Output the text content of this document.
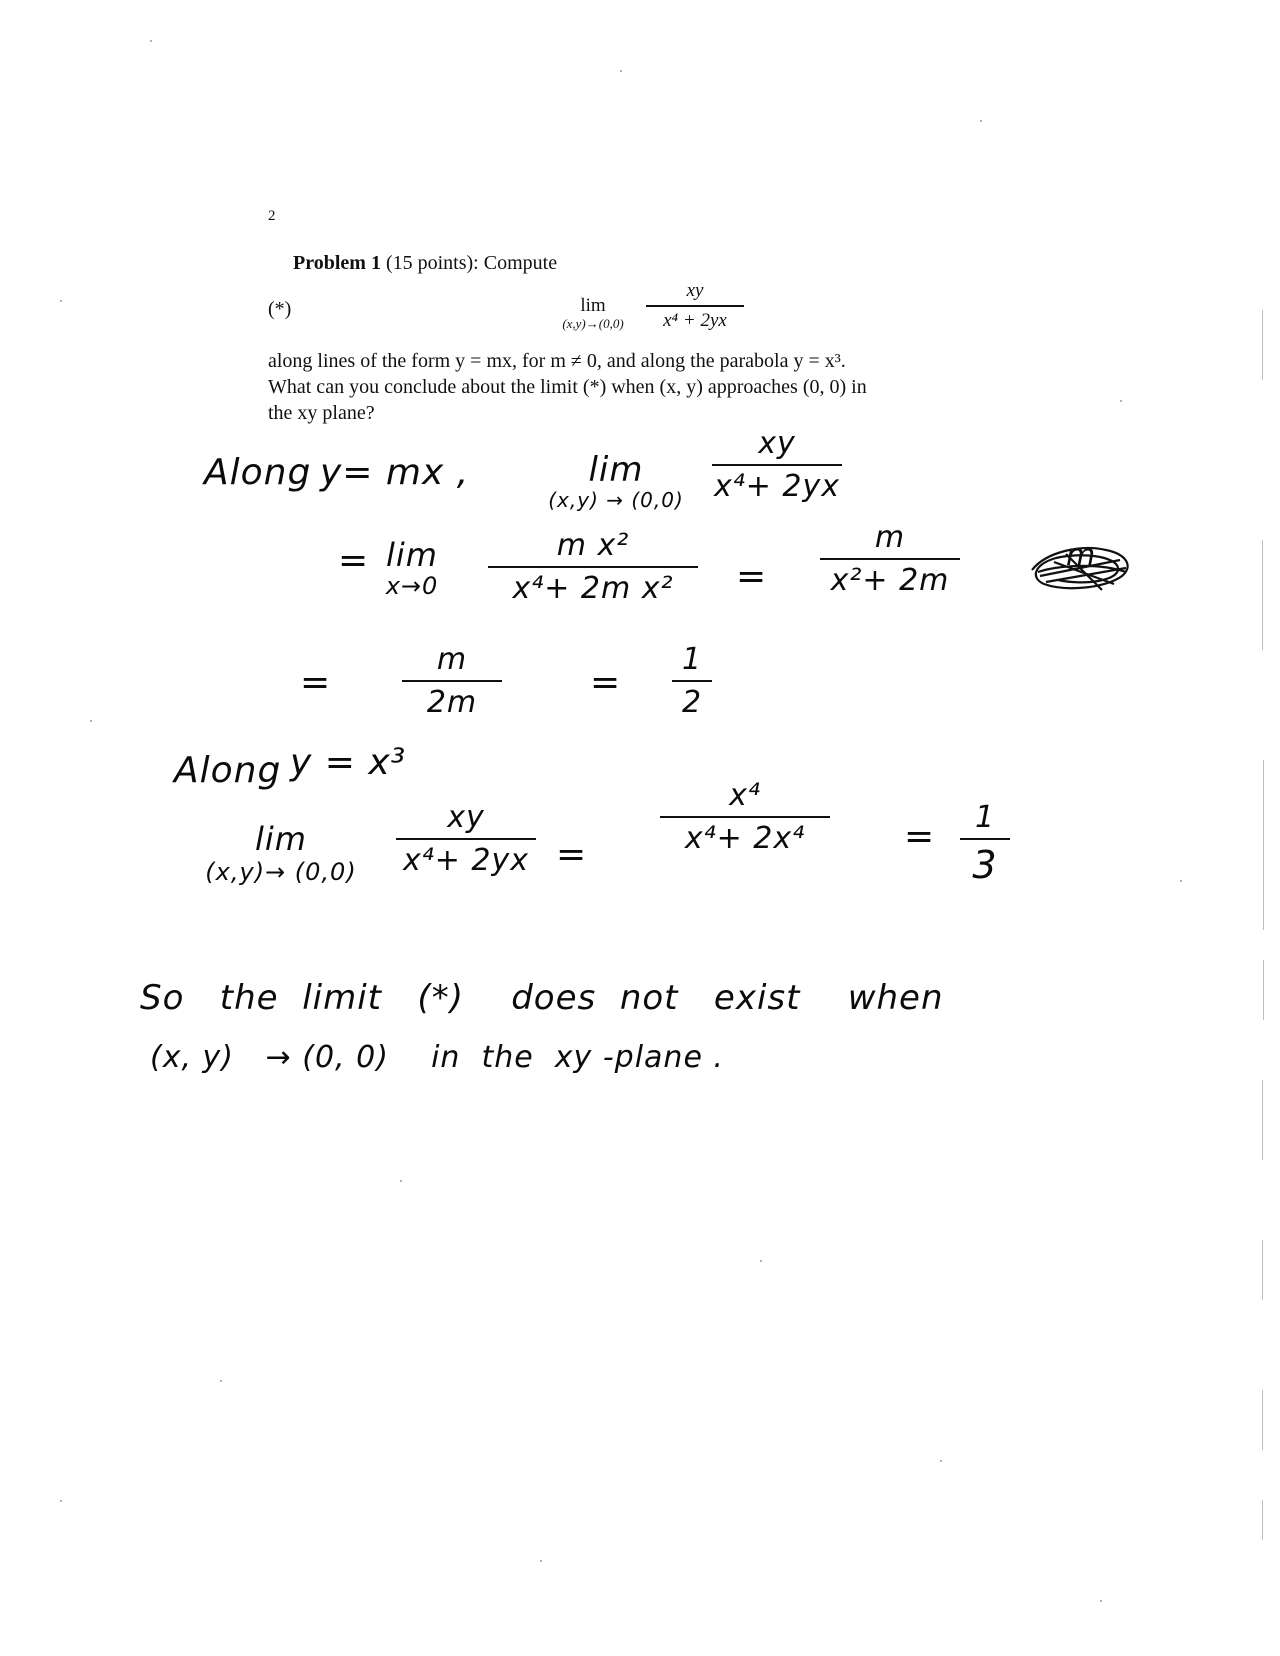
2
Problem 1 (15 points): Compute
(*)	lim
(x,y)→(0,0)
xy
x⁴ + 2yx
along lines of the form y = mx, for m ≠ 0, and along the parabola y = x³.
What can you conclude about the limit (*) when (x, y) approaches (0, 0) in
the xy plane?
Along y= mx ,	lim
(x,y) → (0,0)
xy
x⁴+ 2yx
= lim
x→0
m x²
x⁴+ 2m x²	=
m
x²+ 2m
m
=
m
2m	=
1
2
Along y = x³
lim
(x,y)→ (0,0)
xy
x⁴+ 2yx =
x⁴
x⁴+ 2x⁴	=	1
3
So   the  limit   (*)    does  not   exist    when
(x, y)   → (0, 0)    in  the  xy -plane .
